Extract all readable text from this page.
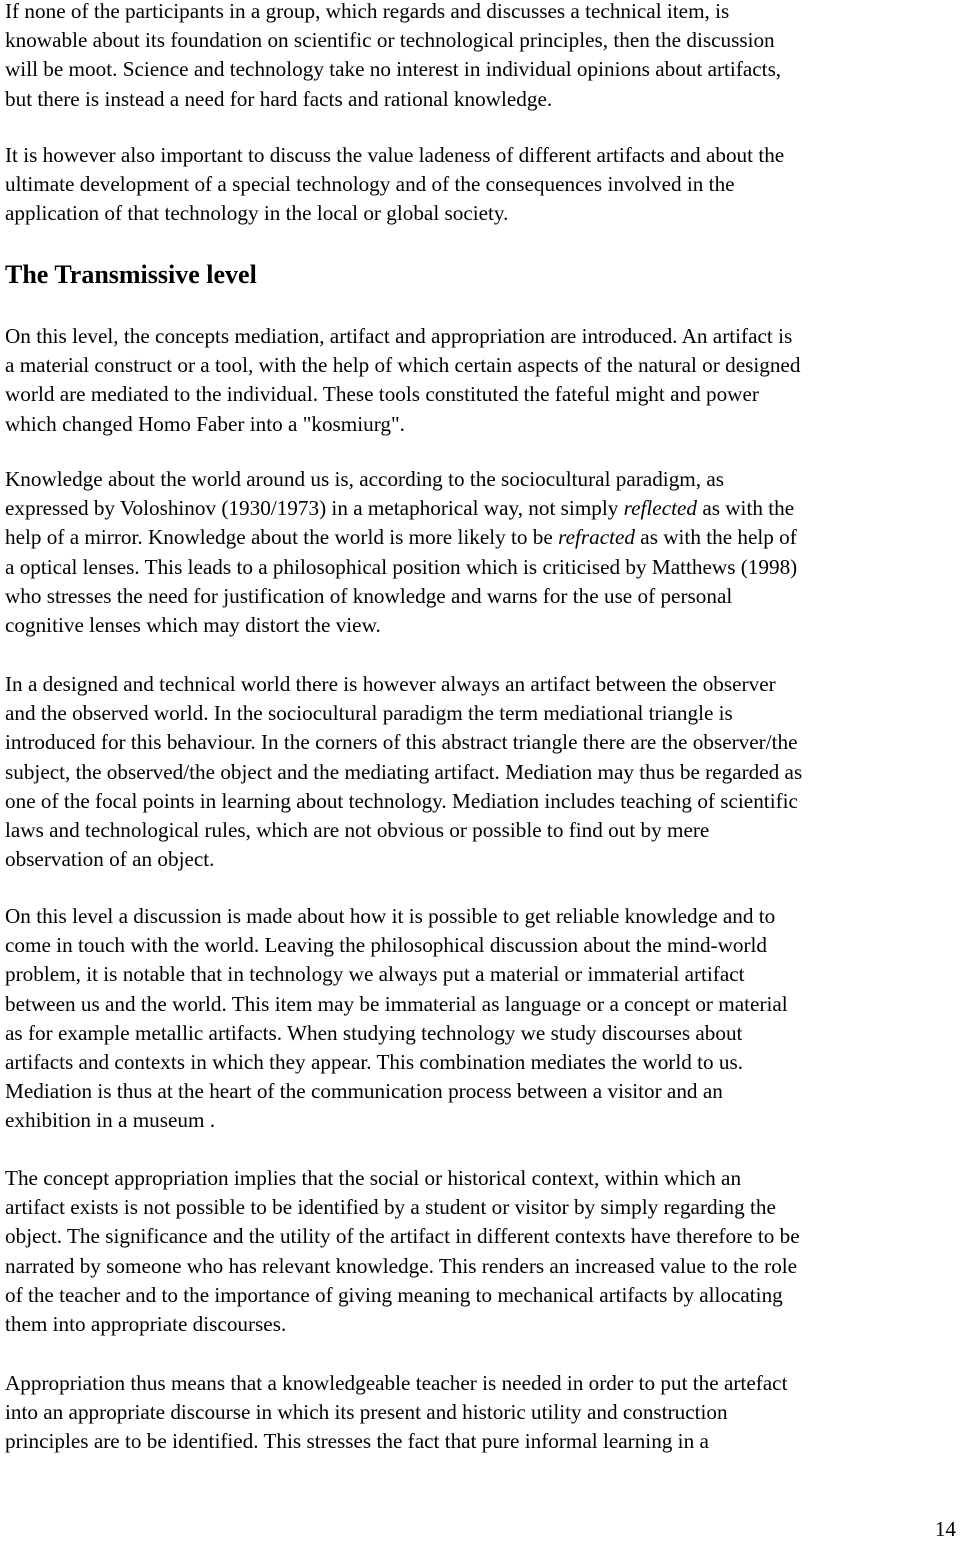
If none of the participants in a group, which regards and discusses a technical item, is
knowable about its foundation on scientific or technological principles, then the discussion
will be moot. Science and technology take no interest in individual opinions about artifacts,
but there is instead a need for hard facts and rational knowledge.

It is however also important to discuss the value ladeness of different artifacts and about the
ultimate development of a special technology and of the consequences involved in the
application of that technology in the local or global society.

The Transmissive level

On this level, the concepts mediation, artifact and appropriation are introduced. An artifact is
a material construct or a tool, with the help of which certain aspects of the natural or designed
world are mediated to the individual. These tools constituted the fateful might and power
which changed Homo Faber into a "kosmiurg".

Knowledge about the world around us is, according to the sociocultural paradigm, as
expressed by Voloshinov (1930/1973) in a metaphorical way, not simply reflected as with the
help of a mirror. Knowledge about the world is more likely to be refracted as with the help of
a optical lenses. This leads to a philosophical position which is criticised by Matthews (1998)
who stresses the need for justification of knowledge and warns for the use of personal
cognitive lenses which may distort the view.

In a designed and technical world there is however always an artifact between the observer
and the observed world. In the sociocultural paradigm the term mediational triangle is
introduced for this behaviour. In the corners of this abstract triangle there are the observer/the
subject, the observed/the object and the mediating artifact. Mediation may thus be regarded as
one of the focal points in learning about technology. Mediation includes teaching of scientific
laws and technological rules, which are not obvious or possible to find out by mere
observation of an object.

On this level a discussion is made about how it is possible to get reliable knowledge and to
come in touch with the world. Leaving the philosophical discussion about the mind-world
problem, it is notable that in technology we always put a material or immaterial artifact
between us and the world. This item may be immaterial as language or a concept or material
as for example metallic artifacts. When studying technology we study discourses about
artifacts and contexts in which they appear. This combination mediates the world to us.
Mediation is thus at the heart of the communication process between a visitor and an
exhibition in a museum .

The concept appropriation implies that the social or historical context, within which an
artifact exists is not possible to be identified by a student or visitor by simply regarding the
object. The significance and the utility of the artifact in different contexts have therefore to be
narrated by someone who has relevant knowledge. This renders an increased value to the role
of the teacher and to the importance of giving meaning to mechanical artifacts by allocating
them into appropriate discourses.

Appropriation thus means that a knowledgeable teacher is needed in order to put the artefact
into an appropriate discourse in which its present and historic utility and construction
principles are to be identified. This stresses the fact that pure informal learning in a

14
